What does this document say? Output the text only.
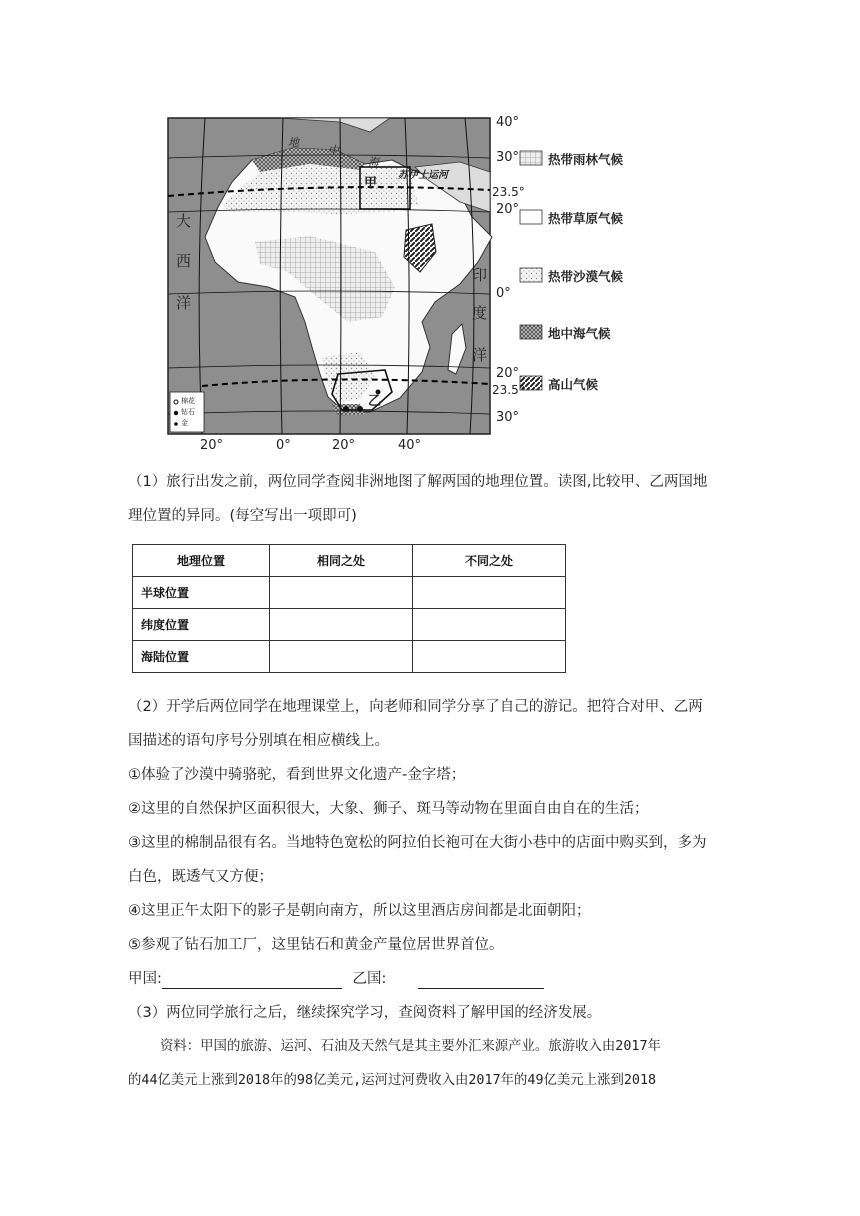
40°
30°
23.5°
20°
0°
20°
23.5°
30°
20°	0°	20°	40°
地
中
海
苏伊士运河
甲
乙
大
西
洋
印
度
洋
棉花
钻石
金
热带雨林气候
热带草原气候
热带沙漠气候
地中海气候
高山气候
（1）旅行出发之前，两位同学查阅非洲地图了解两国的地理位置。读图,比较甲、乙两国地
理位置的异同。(每空写出一项即可)
地理位置	相同之处	不同之处
半球位置		
纬度位置		
海陆位置		
（2）开学后两位同学在地理课堂上，向老师和同学分享了自己的游记。把符合对甲、乙两
国描述的语句序号分别填在相应横线上。
①体验了沙漠中骑骆驼，看到世界文化遗产-金字塔；
②这里的自然保护区面积很大，大象、狮子、斑马等动物在里面自由自在的生活；
③这里的棉制品很有名。当地特色宽松的阿拉伯长袍可在大街小巷中的店面中购买到，多为
白色，既透气又方便；
④这里正午太阳下的影子是朝向南方，所以这里酒店房间都是北面朝阳；
⑤参观了钻石加工厂，这里钻石和黄金产量位居世界首位。
甲国:	乙国:
（3）两位同学旅行之后，继续探究学习，查阅资料了解甲国的经济发展。
资料：甲国的旅游、运河、石油及天然气是其主要外汇来源产业。旅游收入由2017年
的44亿美元上涨到2018年的98亿美元,运河过河费收入由2017年的49亿美元上涨到2018
